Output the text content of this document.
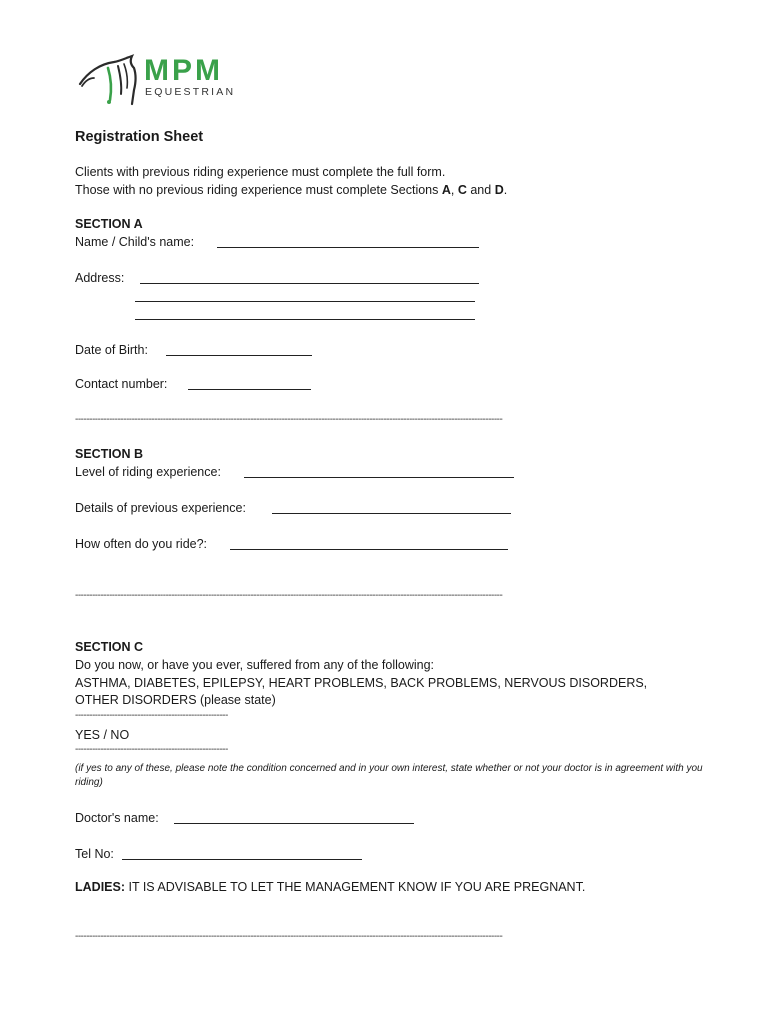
MPM
EQUESTRIAN
Registration Sheet
Clients with previous riding experience must complete the full form.
Those with no previous riding experience must complete Sections A, C and D.
SECTION A
Name / Child's name:
Address:
Date of Birth:
Contact number:
-------------------------------------------------------------------------------------------------------------------------------------------------------
SECTION B
Level of riding experience:
Details of previous experience:
How often do you ride?:
-------------------------------------------------------------------------------------------------------------------------------------------------------
SECTION C
Do you now, or have you ever, suffered from any of the following:
ASTHMA, DIABETES, EPILEPSY, HEART PROBLEMS, BACK PROBLEMS, NERVOUS DISORDERS,
OTHER DISORDERS (please state)
------------------------------------------------------
YES / NO
------------------------------------------------------
(if yes to any of these, please note the condition concerned and in your own interest, state whether or not your doctor is in agreement with you riding)
Doctor's name:
Tel No:
LADIES: IT IS ADVISABLE TO LET THE MANAGEMENT KNOW IF YOU ARE PREGNANT.
-------------------------------------------------------------------------------------------------------------------------------------------------------
